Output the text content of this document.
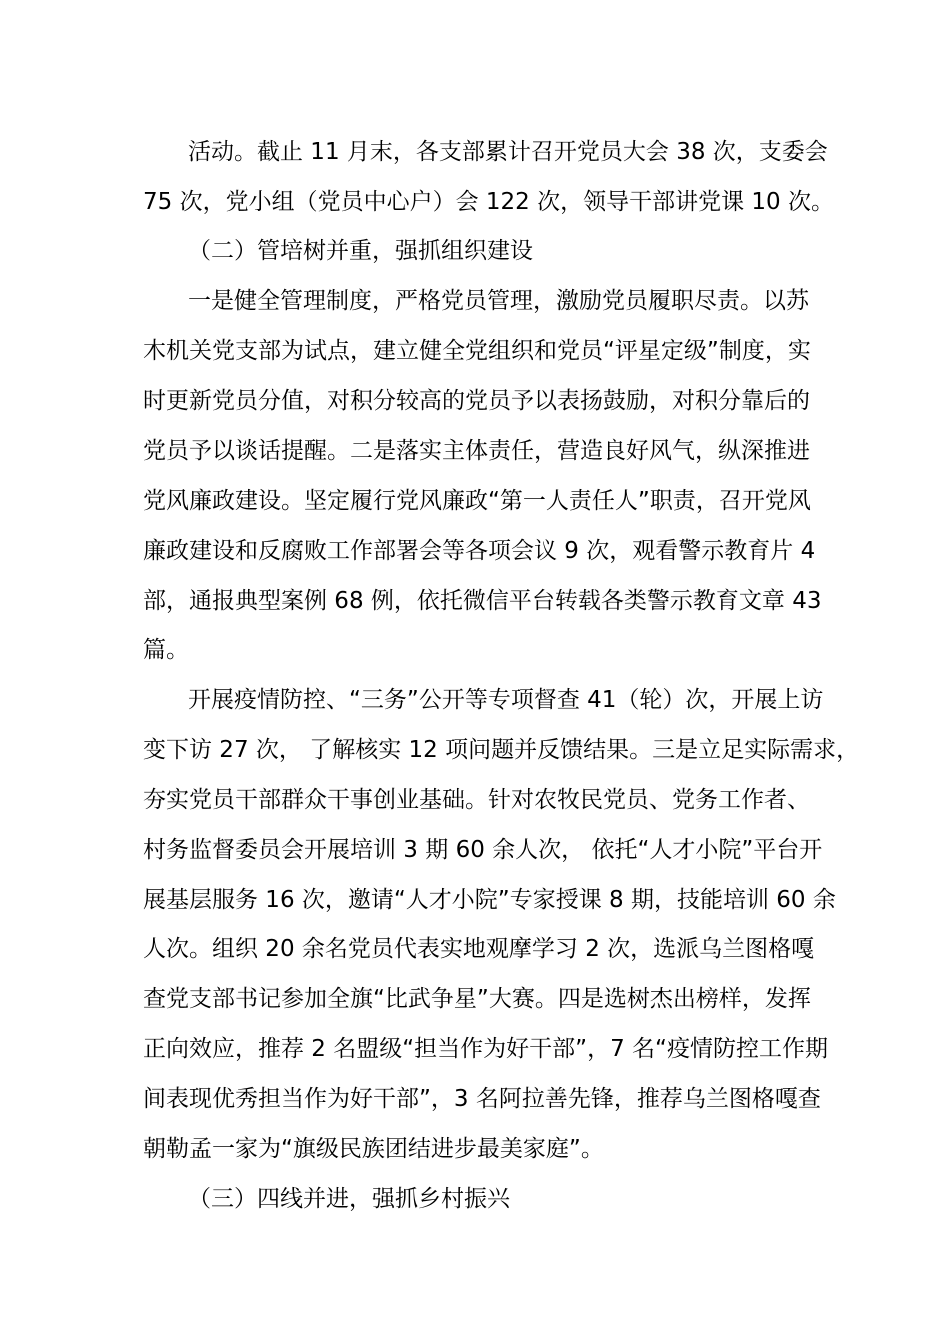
活动。截止 11 月末，各支部累计召开党员大会 38 次，支委会
75 次，党小组（党员中心户）会 122 次，领导干部讲党课 10 次。
（二）管培树并重，强抓组织建设
一是健全管理制度，严格党员管理，激励党员履职尽责。以苏
木机关党支部为试点，建立健全党组织和党员“评星定级”制度，实
时更新党员分值，对积分较高的党员予以表扬鼓励，对积分靠后的
党员予以谈话提醒。二是落实主体责任，营造良好风气，纵深推进
党风廉政建设。坚定履行党风廉政“第一人责任人”职责，召开党风
廉政建设和反腐败工作部署会等各项会议 9 次，观看警示教育片 4
部，通报典型案例 68 例，依托微信平台转载各类警示教育文章 43
篇。
开展疫情防控、“三务”公开等专项督查 41（轮）次，开展上访
变下访 27 次， 了解核实 12 项问题并反馈结果。三是立足实际需求，
夯实党员干部群众干事创业基础。针对农牧民党员、党务工作者、
村务监督委员会开展培训 3 期 60 余人次， 依托“人才小院”平台开
展基层服务 16 次，邀请“人才小院”专家授课 8 期，技能培训 60 余
人次。组织 20 余名党员代表实地观摩学习 2 次，选派乌兰图格嘎
查党支部书记参加全旗“比武争星”大赛。四是选树杰出榜样，发挥
正向效应，推荐 2 名盟级“担当作为好干部”，7 名“疫情防控工作期
间表现优秀担当作为好干部”，3 名阿拉善先锋，推荐乌兰图格嘎查
朝勒孟一家为“旗级民族团结进步最美家庭”。
（三）四线并进，强抓乡村振兴
